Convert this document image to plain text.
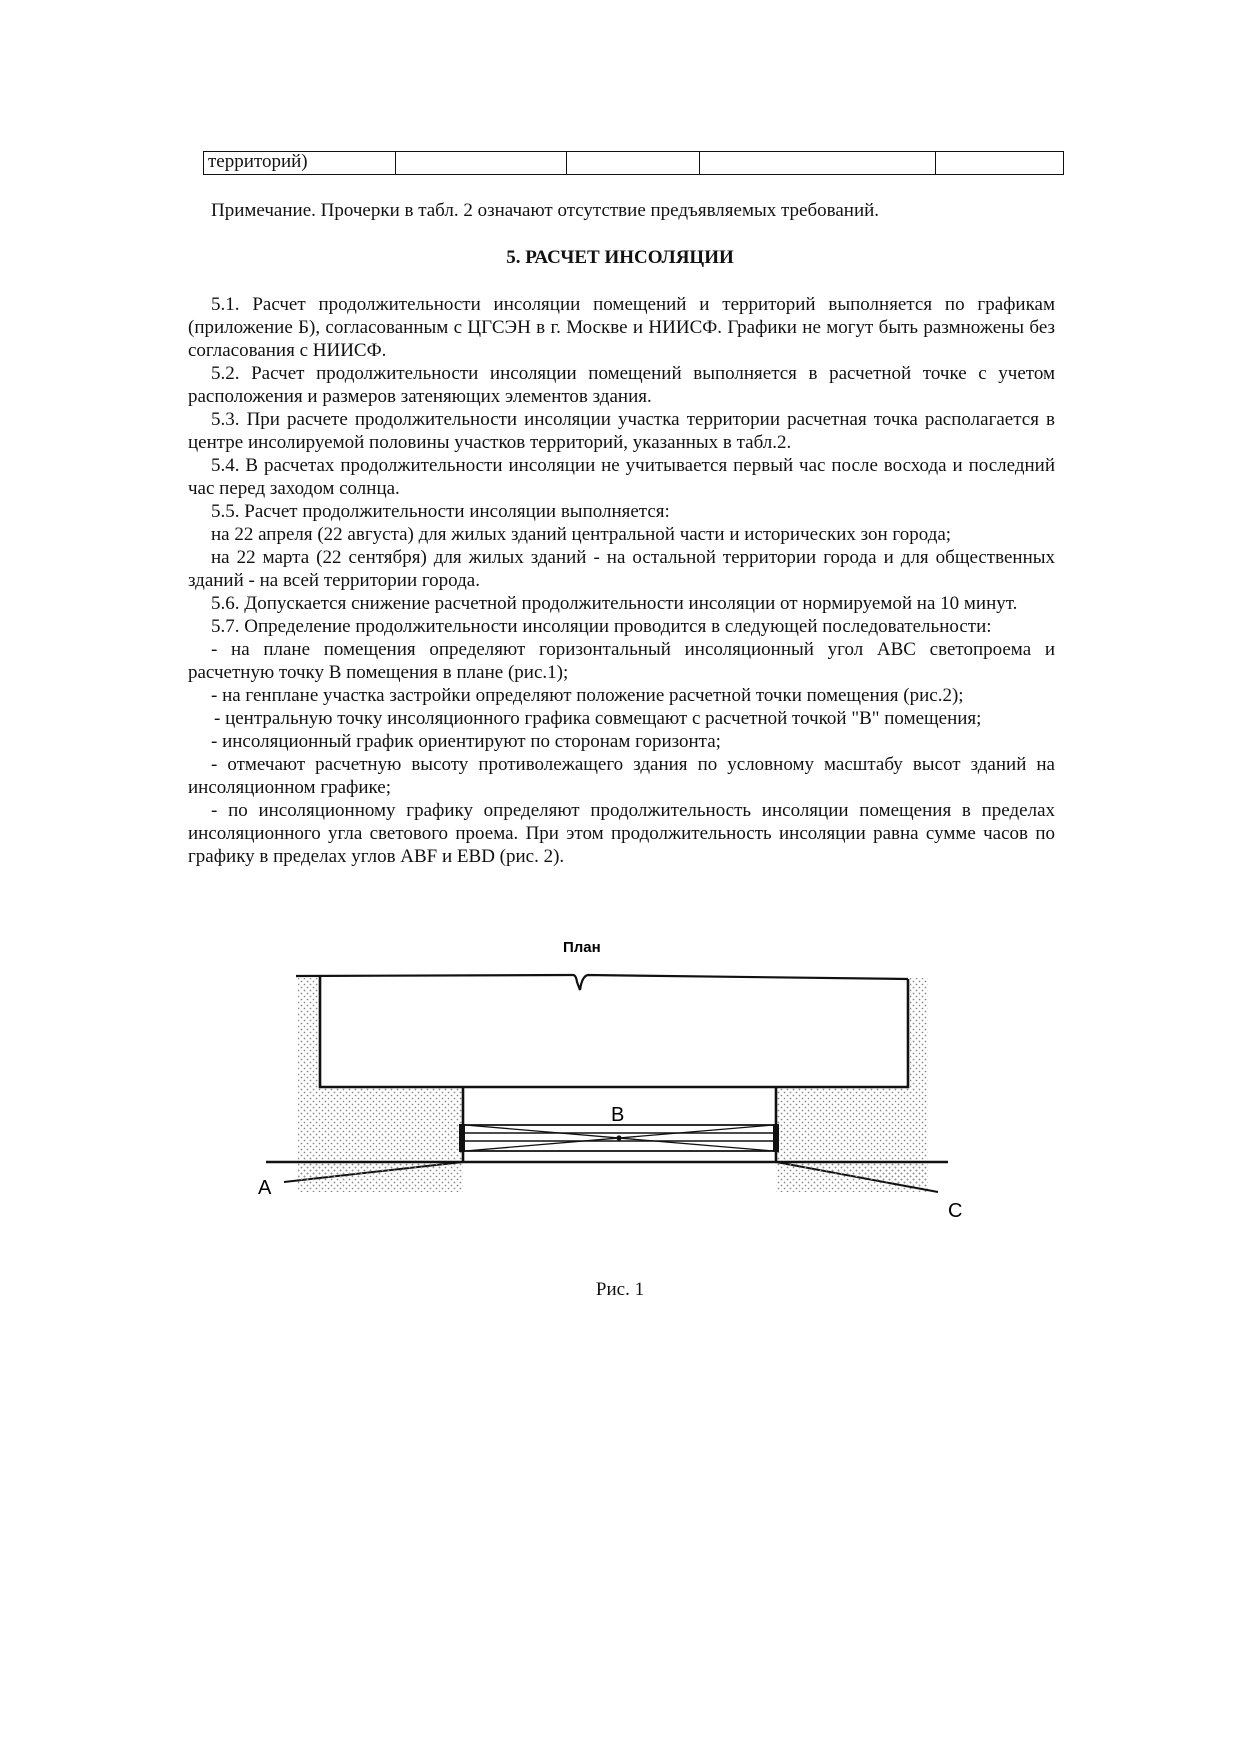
территорий)				
Примечание. Прочерки в табл. 2 означают отсутствие предъявляемых требований.
5. РАСЧЕТ ИНСОЛЯЦИИ

5.1. Расчет продолжительности инсоляции помещений и территорий выполняется по графикам (приложение Б), согласованным с ЦГСЭН в г. Москве и НИИСФ. Графики не могут быть размножены без согласования с НИИСФ.

5.2. Расчет продолжительности инсоляции помещений выполняется в расчетной точке с учетом расположения и размеров затеняющих элементов здания.

5.3. При расчете продолжительности инсоляции участка территории расчетная точка располагается в центре инсолируемой половины участков территорий, указанных в табл.2.

5.4. В расчетах продолжительности инсоляции не учитывается первый час после восхода и последний час перед заходом солнца.

5.5. Расчет продолжительности инсоляции выполняется:

на 22 апреля (22 августа) для жилых зданий центральной части и исторических зон города;

на 22 марта (22 сентября) для жилых зданий - на остальной территории города и для общественных зданий - на всей территории города.

5.6. Допускается снижение расчетной продолжительности инсоляции от нормируемой на 10 минут.

5.7. Определение продолжительности инсоляции проводится в следующей последовательности:

- на плане помещения определяют горизонтальный инсоляционный угол ABC светопроема и расчетную точку B помещения в плане (рис.1);

- на генплане участка застройки определяют положение расчетной точки помещения (рис.2);

- центральную точку инсоляционного графика совмещают с расчетной точкой "B" помещения;

- инсоляционный график ориентируют по сторонам горизонта;

- отмечают расчетную высоту противолежащего здания по условному масштабу высот зданий на инсоляционном графике;

- по инсоляционному графику определяют продолжительность инсоляции помещения в пределах инсоляционного угла светового проема. При этом продолжительность инсоляции равна сумме часов по графику в пределах углов ABF и EBD (рис. 2).

План
B
A
C
Рис. 1
